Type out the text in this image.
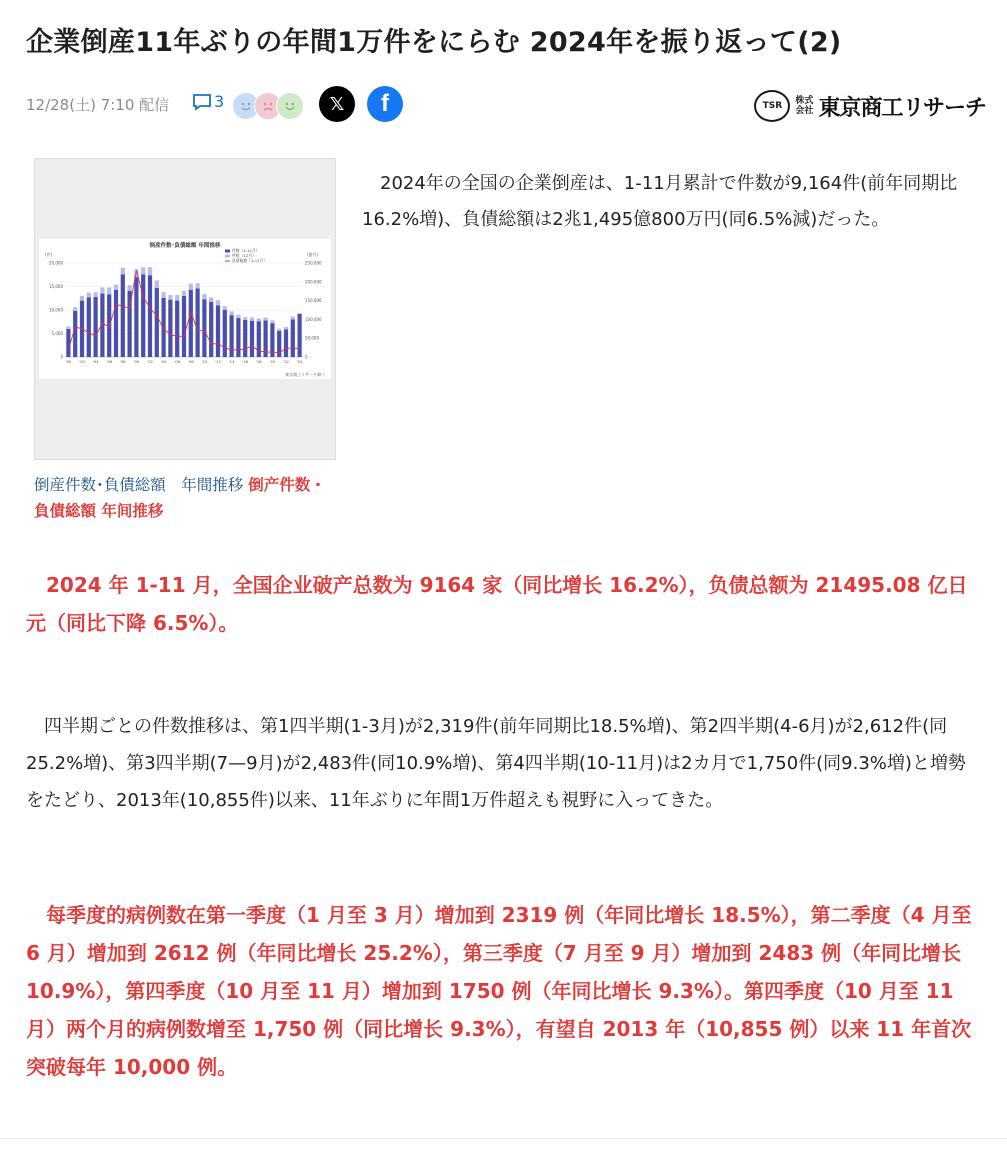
企業倒産11年ぶりの年間1万件をにらむ 2024年を振り返って(2)
12/28(土) 7:10 配信	3	𝕏 f	TSR	株式会社 東京商工リサーチ
倒産件数･負債総額 年間推移
(件)	(億円)
件数（1-11月）
件数（12月）
負債総額（1-11月）
20,000
15,000
10,000
5,000
0
250,000
200,000
150,000
100,000
50,000
0
'90 '92 '94 '96 '98 '00 '02 '04 '06 '08 '10 '12 '14 '16 '18 '20 '22 '24
東京商工リサーチ調べ
倒産件数･負債総額　年間推移 倒产件数・負債総額 年间推移
　2024年の全国の企業倒産は、1-11月累計で件数が9,164件(前年同期比16.2%増)、負債総額は2兆1,495億800万円(同6.5%減)だった。
　2024 年 1-11 月，全国企业破产总数为 9164 家（同比增长 16.2%），负债总额为 21495.08 亿日元（同比下降 6.5%）。
　四半期ごとの件数推移は、第1四半期(1-3月)が2,319件(前年同期比18.5%増)、第2四半期(4-6月)が2,612件(同25.2%増)、第3四半期(7—9月)が2,483件(同10.9%増)、第4四半期(10-11月)は2カ月で1,750件(同9.3%増)と増勢をたどり、2013年(10,855件)以来、11年ぶりに年間1万件超えも視野に入ってきた。
　每季度的病例数在第一季度（1 月至 3 月）增加到 2319 例（年同比增长 18.5%），第二季度（4 月至 6 月）增加到 2612 例（年同比增长 25.2%），第三季度（7 月至 9 月）增加到 2483 例（年同比增长 10.9%），第四季度（10 月至 11 月）增加到 1750 例（年同比增长 9.3%）。第四季度（10 月至 11 月）两个月的病例数增至 1,750 例（同比增长 9.3%），有望自 2013 年（10,855 例）以来 11 年首次突破每年 10,000 例。
